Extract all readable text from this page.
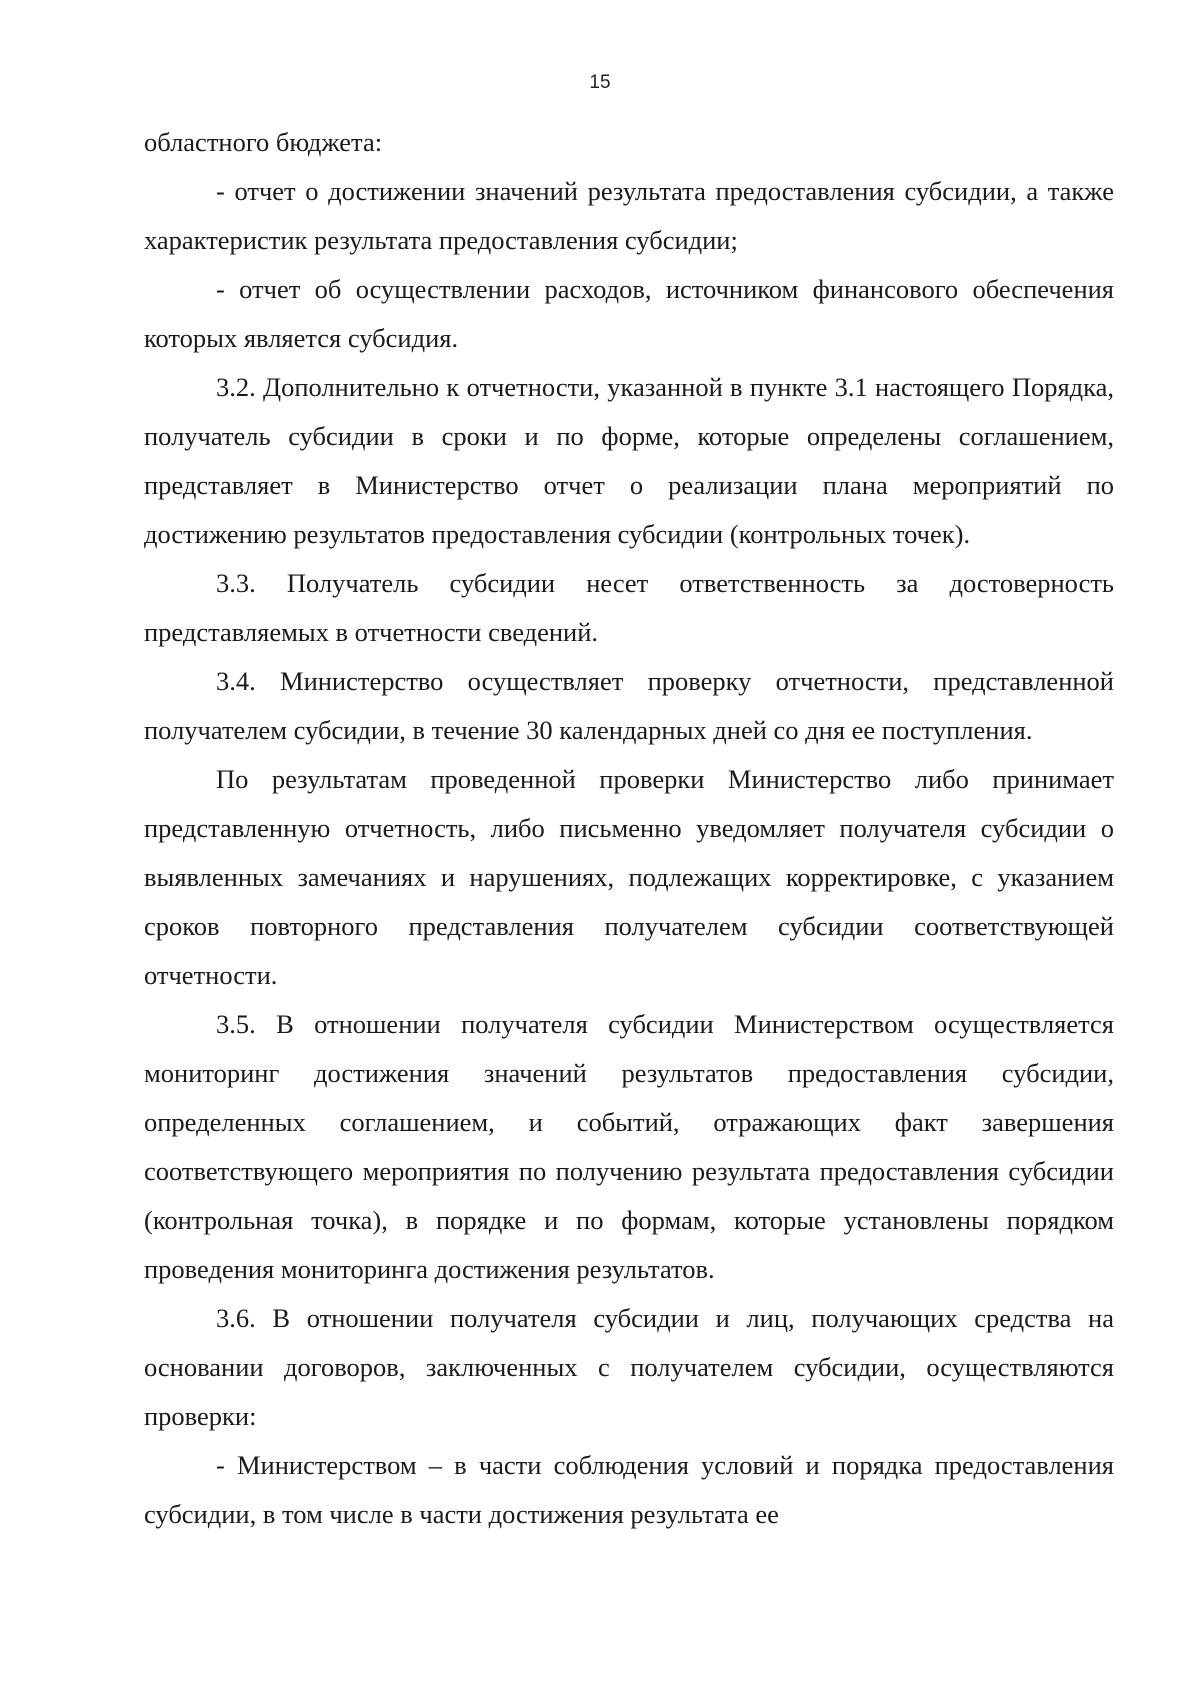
15

областного бюджета:

- отчет о достижении значений результата предоставления субсидии, а также характеристик результата предоставления субсидии;

- отчет об осуществлении расходов, источником финансового обеспечения которых является субсидия.

3.2. Дополнительно к отчетности, указанной в пункте 3.1 настоящего Порядка, получатель субсидии в сроки и по форме, которые определены соглашением, представляет в Министерство отчет о реализации плана мероприятий по достижению результатов предоставления субсидии (контрольных точек).

3.3. Получатель субсидии несет ответственность за достоверность представляемых в отчетности сведений.

3.4. Министерство осуществляет проверку отчетности, представленной получателем субсидии, в течение 30 календарных дней со дня ее поступления.

По результатам проведенной проверки Министерство либо принимает представленную отчетность, либо письменно уведомляет получателя субсидии о выявленных замечаниях и нарушениях, подлежащих корректировке, с указанием сроков повторного представления получателем субсидии соответствующей отчетности.

3.5. В отношении получателя субсидии Министерством осуществляется мониторинг достижения значений результатов предоставления субсидии, определенных соглашением, и событий, отражающих факт завершения соответствующего мероприятия по получению результата предоставления субсидии (контрольная точка), в порядке и по формам, которые установлены порядком проведения мониторинга достижения результатов.

3.6. В отношении получателя субсидии и лиц, получающих средства на основании договоров, заключенных с получателем субсидии, осуществляются проверки:

- Министерством – в части соблюдения условий и порядка предоставления субсидии, в том числе в части достижения результата ее
